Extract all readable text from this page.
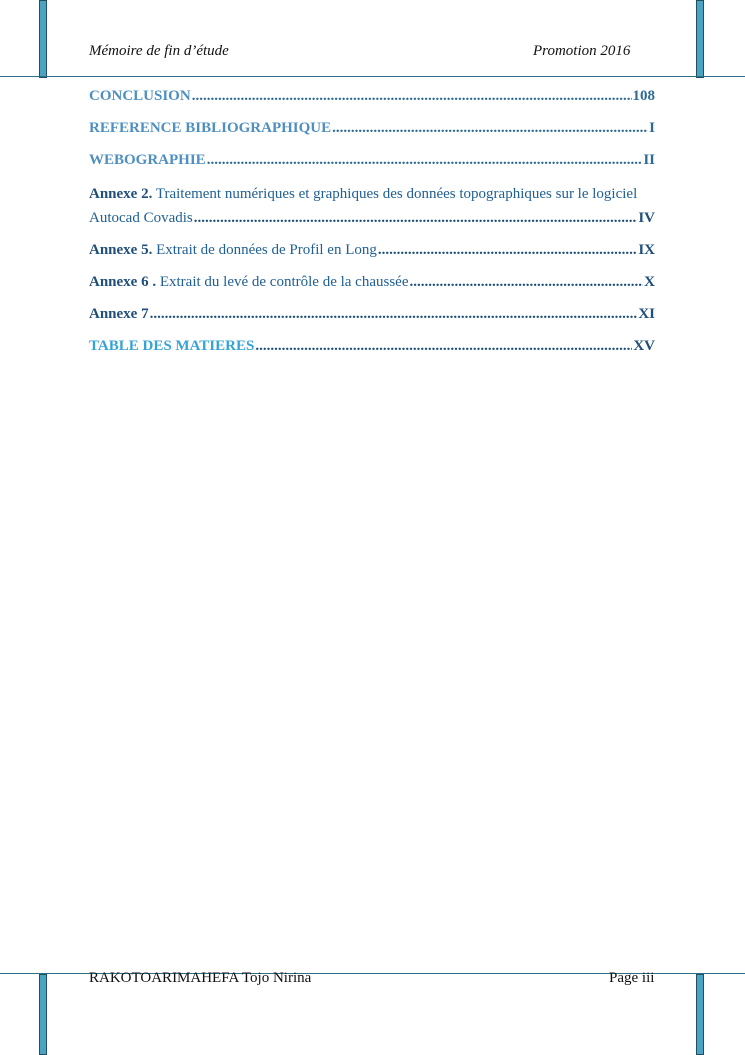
Mémoire de fin d’étude	Promotion 2016
CONCLUSION .....	108
REFERENCE BIBLIOGRAPHIQUE .....	I
WEBOGRAPHIE .....	II
Annexe 2. Traitement numériques et graphiques des données topographiques sur le logiciel
Autocad Covadis .....	IV
Annexe 5. Extrait de données de Profil en Long .....	IX
Annexe 6 . Extrait du levé de contrôle de la chaussée .....	X
Annexe 7 .....	XI
TABLE DES MATIERES .....	XV
RAKOTOARIMAHEFA Tojo Nirina	Page iii
